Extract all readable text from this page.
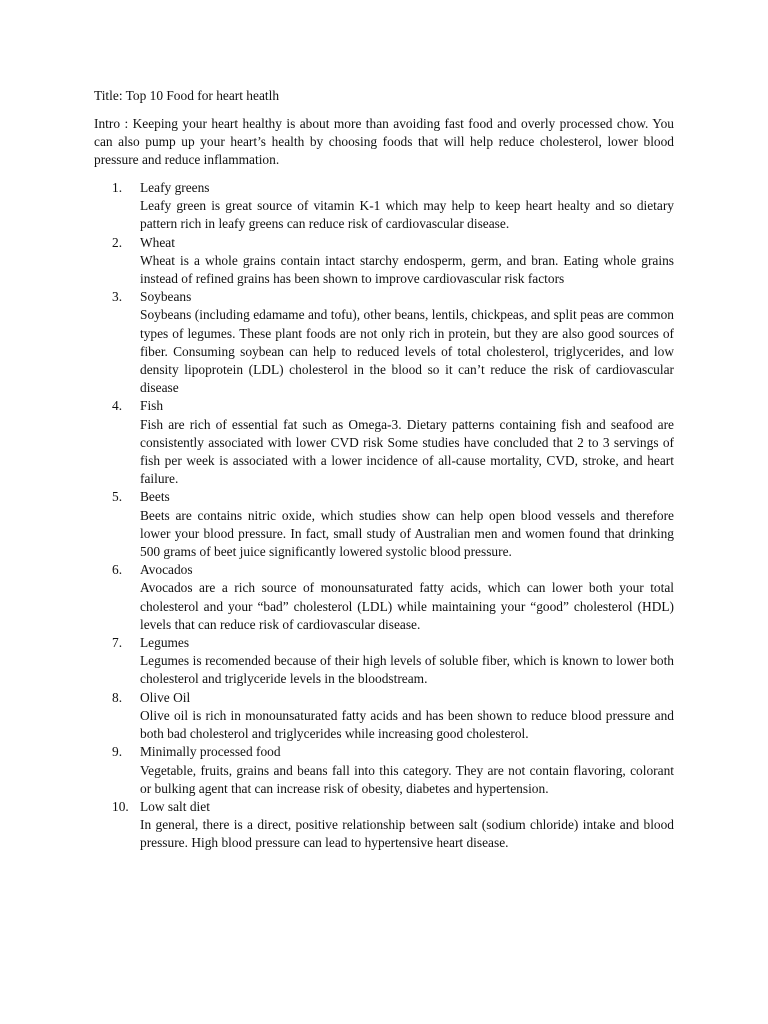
Title: Top 10 Food for heart heatlh
Intro : Keeping your heart healthy is about more than avoiding fast food and overly processed chow. You can also pump up your heart’s health by choosing foods that will help reduce cholesterol, lower blood pressure and reduce inflammation.
1. Leafy greens
Leafy green is great source of vitamin K-1 which may help to keep heart healty and so dietary pattern rich in leafy greens can reduce risk of cardiovascular disease.
2. Wheat
Wheat is a whole grains contain intact starchy endosperm, germ, and bran. Eating whole grains instead of refined grains has been shown to improve cardiovascular risk factors
3. Soybeans
Soybeans (including edamame and tofu), other beans, lentils, chickpeas, and split peas are common types of legumes. These plant foods are not only rich in protein, but they are also good sources of fiber. Consuming soybean can help to reduced levels of total cholesterol, triglycerides, and low density lipoprotein (LDL) cholesterol in the blood so it can’t reduce the risk of cardiovascular disease
4. Fish
Fish are rich of essential fat such as Omega-3. Dietary patterns containing fish and seafood are consistently associated with lower CVD risk Some studies have concluded that 2 to 3 servings of fish per week is associated with a lower incidence of all-cause mortality, CVD, stroke, and heart failure.
5. Beets
Beets are contains nitric oxide, which studies show can help open blood vessels and therefore lower your blood pressure. In fact, small study of Australian men and women found that drinking 500 grams of beet juice significantly lowered systolic blood pressure.
6. Avocados
Avocados are a rich source of monounsaturated fatty acids, which can lower both your total cholesterol and your “bad” cholesterol (LDL) while maintaining your “good” cholesterol (HDL) levels that can reduce risk of cardiovascular disease.
7. Legumes
Legumes is recomended because of their high levels of soluble fiber, which is known to lower both cholesterol and triglyceride levels in the bloodstream.
8. Olive Oil
Olive oil is rich in monounsaturated fatty acids and has been shown to reduce blood pressure and both bad cholesterol and triglycerides while increasing good cholesterol.
9. Minimally processed food
Vegetable, fruits, grains and beans fall into this category. They are not contain flavoring, colorant or bulking agent that can increase risk of obesity, diabetes and hypertension.
10. Low salt diet
In general, there is a direct, positive relationship between salt (sodium chloride) intake and blood pressure. High blood pressure can lead to hypertensive heart disease.
